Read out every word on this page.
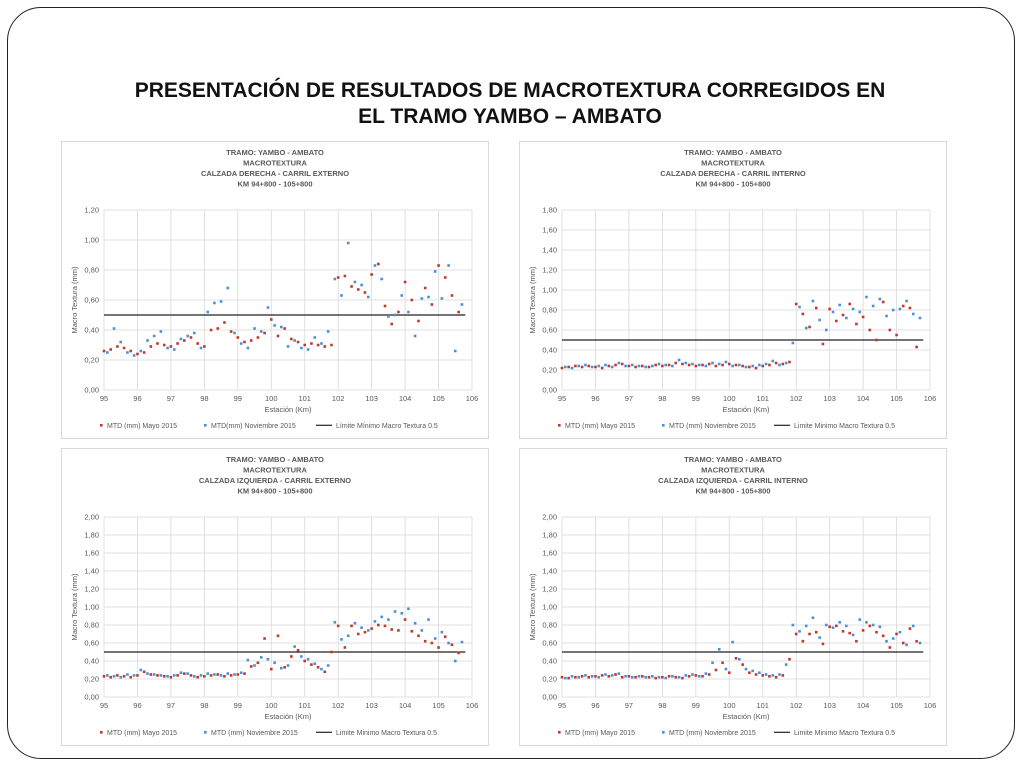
PRESENTACIÓN DE RESULTADOS DE MACROTEXTURA CORREGIDOS EN
EL TRAMO YAMBO – AMBATO
TRAMO: YAMBO - AMBATO
MACROTEXTURA
CALZADA DERECHA - CARRIL EXTERNO
KM 94+800 - 105+800
0,00
0,20
0,40
0,60
0,80
1,00
1,20
95	96	97	98	99	100	101	102	103	104	105	106
Estación (Km)
Macro Textura (mm)
MTD (mm) Mayo 2015	MTD(mm) Noviembre 2015	Límite Mínimo Macro Textura 0.5
TRAMO: YAMBO - AMBATO
MACROTEXTURA
CALZADA DERECHA - CARRIL INTERNO
KM 94+800 - 105+800
0,00
0,20
0,40
0,60
0,80
1,00
1,20
1,40
1,60
1,80
95	96	97	98	99	100	101	102	103	104	105	106
Estación (Km)
Macro Textura (mm)
MTD (mm) Mayo 2015	MTD (mm) Noviembre 2015	Limite Minimo Macro Textura 0.5
TRAMO: YAMBO - AMBATO
MACROTEXTURA
CALZADA IZQUIERDA - CARRIL EXTERNO
KM 94+800 - 105+800
0,00
0,20
0,40
0,60
0,80
1,00
1,20
1,40
1,60
1,80
2,00
95	96	97	98	99	100	101	102	103	104	105	106
Estación (Km)
Macro Textura (mm)
MTD (mm) Mayo 2015	MTD (mm) Noviembre 2015	Limite Minimo Macro Textura 0.5
TRAMO: YAMBO - AMBATO
MACROTEXTURA
CALZADA IZQUIERDA - CARRIL INTERNO
KM 94+800 - 105+800
0,00
0,20
0,40
0,60
0,80
1,00
1,20
1,40
1,60
1,80
2,00
95	96	97	98	99	100	101	102	103	104	105	106
Estación (Km)
Macro Textura (mm)
MTD (mm) Mayo 2015	MTD (mm) Noviembre 2015	Limite Minimo Macro Textura 0.5
